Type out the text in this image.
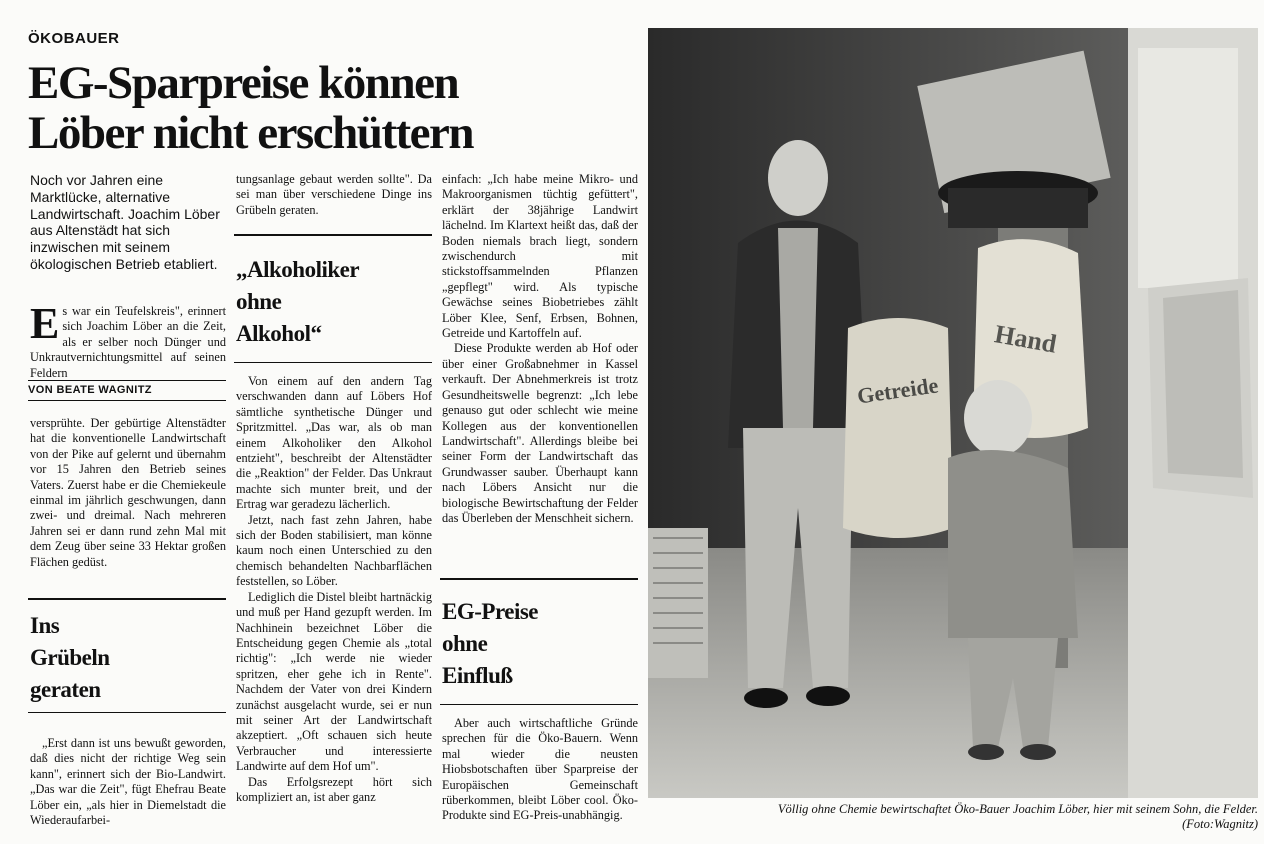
ÖKOBAUER
EG-Sparpreise können
Löber nicht erschüttern
Noch vor Jahren eine Marktlücke, alternative Landwirtschaft. Joachim Löber aus Altenstädt hat sich inzwischen mit seinem ökologischen Betrieb etabliert.

Es war ein Teufelskreis", erinnert sich Joachim Löber an die Zeit, als er selber noch Dünger und Unkrautvernichtungsmittel auf seinen Feldern

VON BEATE WAGNITZ

versprühte. Der gebürtige Altenstädter hat die konventionelle Landwirtschaft von der Pike auf gelernt und übernahm vor 15 Jahren den Betrieb seines Vaters. Zuerst habe er die Chemiekeule einmal im jährlich geschwungen, dann zwei- und dreimal. Nach mehreren Jahren sei er dann rund zehn Mal mit dem Zeug über seine 33 Hektar großen Flächen gedüst.

Ins
Grübeln
geraten

„Erst dann ist uns bewußt geworden, daß dies nicht der richtige Weg sein kann", erinnert sich der Bio-Landwirt. „Das war die Zeit", fügt Ehefrau Beate Löber ein, „als hier in Diemelstadt die Wiederaufarbei-

tungsanlage gebaut werden sollte". Da sei man über verschiedene Dinge ins Grübeln geraten.

„Alkoholiker
ohne
Alkohol“

Von einem auf den andern Tag verschwanden dann auf Löbers Hof sämtliche synthetische Dünger und Spritzmittel. „Das war, als ob man einem Alkoholiker den Alkohol entzieht", beschreibt der Altenstädter die „Reaktion" der Felder. Das Unkraut machte sich munter breit, und der Ertrag war geradezu lächerlich.

Jetzt, nach fast zehn Jahren, habe sich der Boden stabilisiert, man könne kaum noch einen Unterschied zu den chemisch behandelten Nachbarflächen feststellen, so Löber.

Lediglich die Distel bleibt hartnäckig und muß per Hand gezupft werden. Im Nachhinein bezeichnet Löber die Entscheidung gegen Chemie als „total richtig": „Ich werde nie wieder spritzen, eher gehe ich in Rente". Nachdem der Vater von drei Kindern zunächst ausgelacht wurde, sei er nun mit seiner Art der Landwirtschaft akzeptiert. „Oft schauen sich heute Verbraucher und interessierte Landwirte auf dem Hof um".

Das Erfolgsrezept hört sich kompliziert an, ist aber ganz

einfach: „Ich habe meine Mikro- und Makroorganismen tüchtig gefüttert", erklärt der 38jährige Landwirt lächelnd. Im Klartext heißt das, daß der Boden niemals brach liegt, sondern zwischendurch mit stickstoffsammelnden Pflanzen „gepflegt" wird. Als typische Gewächse seines Biobetriebes zählt Löber Klee, Senf, Erbsen, Bohnen, Getreide und Kartoffeln auf.

Diese Produkte werden ab Hof oder über einer Großabnehmer in Kassel verkauft. Der Abnehmerkreis ist trotz Gesundheitswelle begrenzt: „Ich lebe genauso gut oder schlecht wie meine Kollegen aus der konventionellen Landwirtschaft". Allerdings bleibe bei seiner Form der Landwirtschaft das Grundwasser sauber. Überhaupt kann nach Löbers Ansicht nur die biologische Bewirtschaftung der Felder das Überleben der Menschheit sichern.

EG-Preise
ohne
Einfluß

Aber auch wirtschaftliche Gründe sprechen für die Öko-Bauern. Wenn mal wieder die neusten Hiobsbotschaften über Sparpreise der Europäischen Gemeinschaft rüberkommen, bleibt Löber cool. Öko-Produkte sind EG-Preis-unabhängig.

Getreide
Hand
Völlig ohne Chemie bewirtschaftet Öko-Bauer Joachim Löber, hier mit seinem Sohn, die Felder.
(Foto:Wagnitz)
